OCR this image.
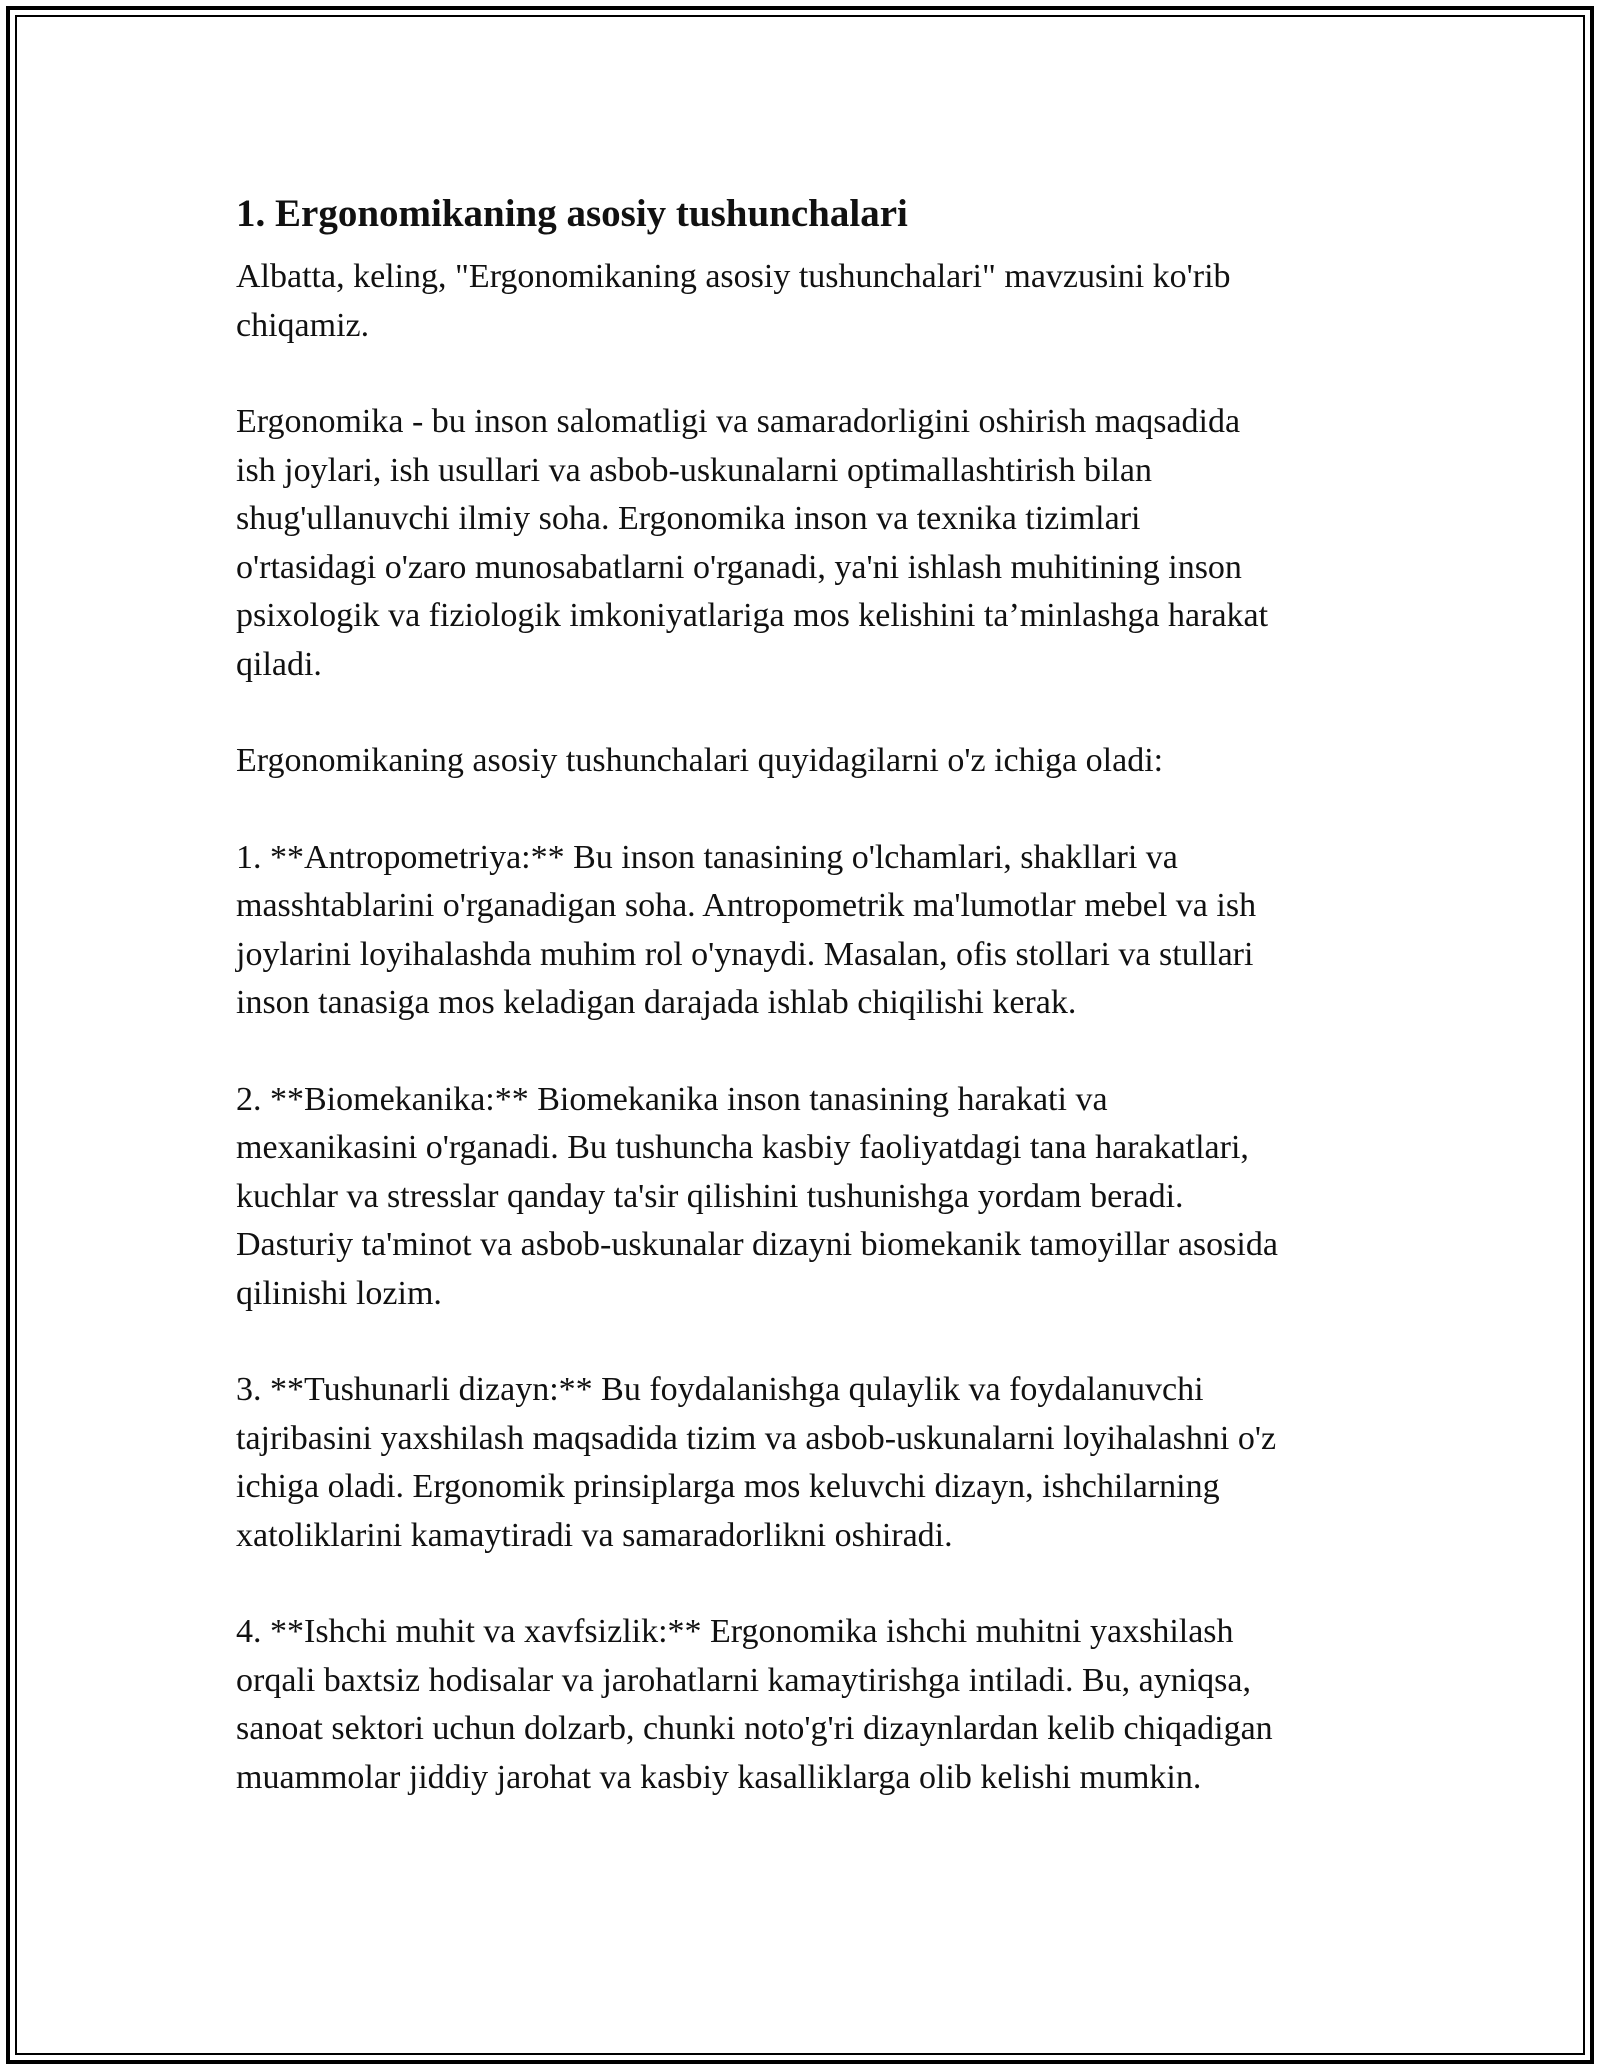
1. Ergonomikaning asosiy tushunchalari

Albatta, keling, "Ergonomikaning asosiy tushunchalari" mavzusini ko'rib
chiqamiz.

Ergonomika - bu inson salomatligi va samaradorligini oshirish maqsadida
ish joylari, ish usullari va asbob-uskunalarni optimallashtirish bilan
shug'ullanuvchi ilmiy soha. Ergonomika inson va texnika tizimlari
o'rtasidagi o'zaro munosabatlarni o'rganadi, ya'ni ishlash muhitining inson
psixologik va fiziologik imkoniyatlariga mos kelishini ta’minlashga harakat
qiladi.

Ergonomikaning asosiy tushunchalari quyidagilarni o'z ichiga oladi:

1. **Antropometriya:** Bu inson tanasining o'lchamlari, shakllari va
masshtablarini o'rganadigan soha. Antropometrik ma'lumotlar mebel va ish
joylarini loyihalashda muhim rol o'ynaydi. Masalan, ofis stollari va stullari
inson tanasiga mos keladigan darajada ishlab chiqilishi kerak.

2. **Biomekanika:** Biomekanika inson tanasining harakati va
mexanikasini o'rganadi. Bu tushuncha kasbiy faoliyatdagi tana harakatlari,
kuchlar va stresslar qanday ta'sir qilishini tushunishga yordam beradi.
Dasturiy ta'minot va asbob-uskunalar dizayni biomekanik tamoyillar asosida
qilinishi lozim.

3. **Tushunarli dizayn:** Bu foydalanishga qulaylik va foydalanuvchi
tajribasini yaxshilash maqsadida tizim va asbob-uskunalarni loyihalashni o'z
ichiga oladi. Ergonomik prinsiplarga mos keluvchi dizayn, ishchilarning
xatoliklarini kamaytiradi va samaradorlikni oshiradi.

4. **Ishchi muhit va xavfsizlik:** Ergonomika ishchi muhitni yaxshilash
orqali baxtsiz hodisalar va jarohatlarni kamaytirishga intiladi. Bu, ayniqsa,
sanoat sektori uchun dolzarb, chunki noto'g'ri dizaynlardan kelib chiqadigan
muammolar jiddiy jarohat va kasbiy kasalliklarga olib kelishi mumkin.
